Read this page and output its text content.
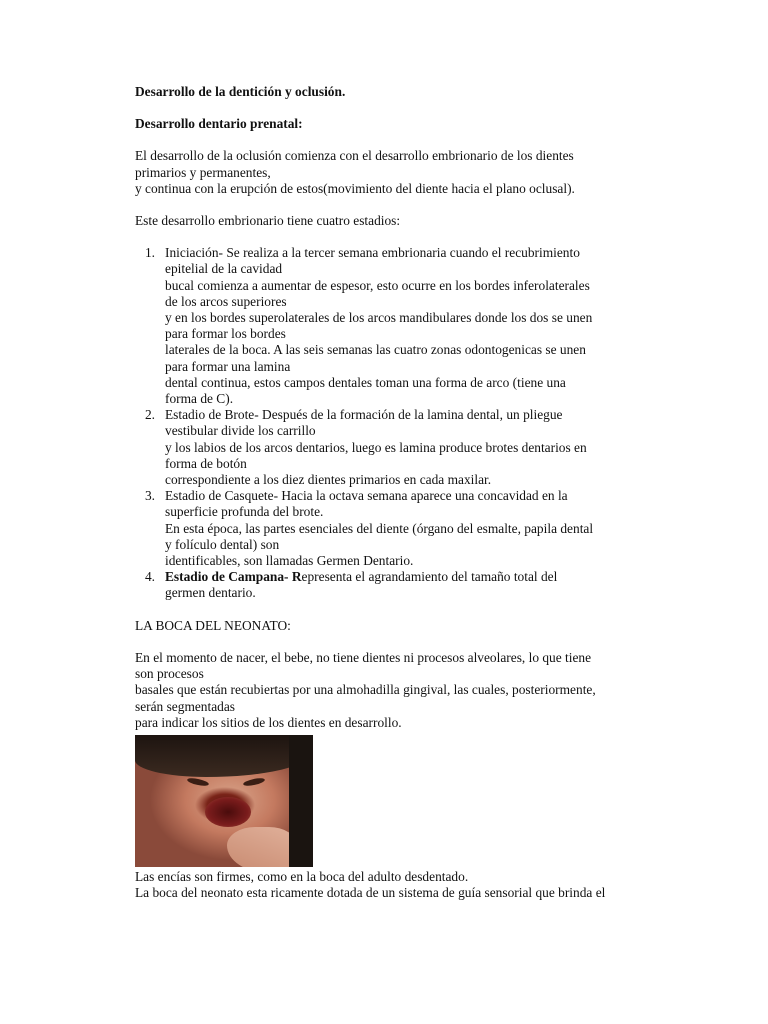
Desarrollo de la dentición y oclusión.
Desarrollo dentario prenatal:
El desarrollo de la oclusión comienza con el desarrollo embrionario de los dientes
primarios y permanentes,
y continua con la erupción de estos(movimiento del diente hacia el plano oclusal).
Este desarrollo embrionario tiene cuatro estadios:
1. Iniciación- Se realiza a la tercer semana embrionaria cuando el recubrimiento
epitelial de la cavidad
bucal comienza a aumentar de espesor, esto ocurre en los bordes inferolaterales
de los arcos superiores
y en los bordes superolaterales de los arcos mandibulares donde los dos se unen
para formar los bordes
laterales de la boca. A las seis semanas las cuatro zonas odontogenicas se unen
para formar una lamina
dental continua, estos campos dentales toman una forma de arco (tiene una
forma de C).
2. Estadio de Brote- Después de la formación de la lamina dental, un pliegue
vestibular divide los carrillo
y los labios de los arcos dentarios, luego es lamina produce brotes dentarios en
forma de botón
correspondiente a los diez dientes primarios en cada maxilar.
3. Estadio de Casquete- Hacia la octava semana aparece una concavidad en la
superficie profunda del brote.
En esta época, las partes esenciales del diente (órgano del esmalte, papila dental
y folículo dental) son
identificables, son llamadas Germen Dentario.
4. Estadio de Campana- Representa el agrandamiento del tamaño total del
germen dentario.
LA BOCA DEL NEONATO:
En el momento de nacer, el bebe, no tiene dientes ni procesos alveolares, lo que tiene
son procesos
basales que están recubiertas por una almohadilla gingival, las cuales, posteriormente,
serán segmentadas
para indicar los sitios de los dientes en desarrollo.
Las encías son firmes, como en la boca del adulto desdentado.
La boca del neonato esta ricamente dotada de un sistema de guía sensorial que brinda el
